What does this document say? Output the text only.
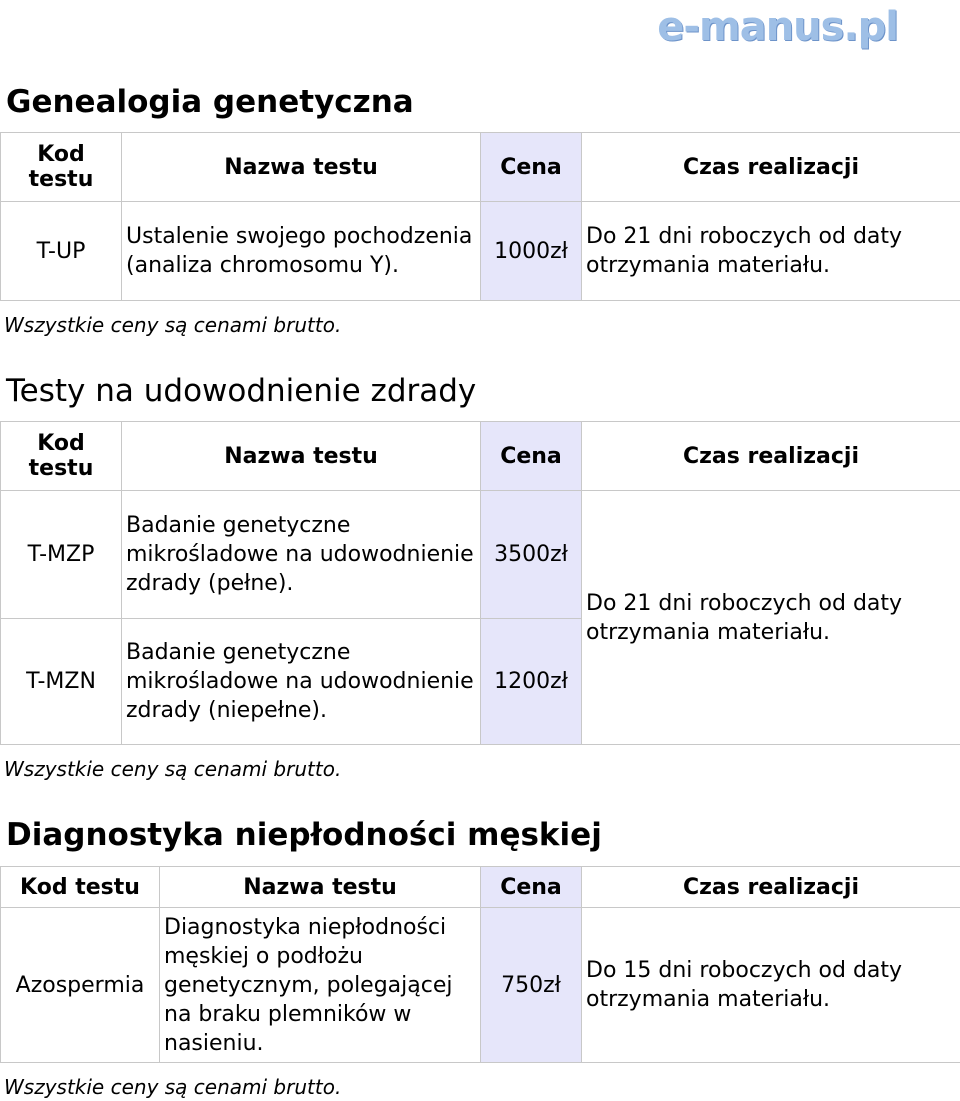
e-manus.pl
Genealogia genetyczna
Kod testu	Nazwa testu	Cena	Czas realizacji
T-UP	Ustalenie swojego pochodzenia (analiza chromosomu Y).	1000zł	Do 21 dni roboczych od daty otrzymania materiału.

Wszystkie ceny są cenami brutto.

Testy na udowodnienie zdrady
Kod testu	Nazwa testu	Cena	Czas realizacji
T-MZP	Badanie genetyczne mikrośladowe na udowodnienie zdrady (pełne).	3500zł	Do 21 dni roboczych od daty otrzymania materiału.
T-MZN	Badanie genetyczne mikrośladowe na udowodnienie zdrady (niepełne).	1200zł	

Wszystkie ceny są cenami brutto.

Diagnostyka niepłodności męskiej
Kod testu	Nazwa testu	Cena	Czas realizacji
Azospermia	Diagnostyka niepłodności męskiej o podłożu genetycznym, polegającej na braku plemników w nasieniu.	750zł	Do 15 dni roboczych od daty otrzymania materiału.

Wszystkie ceny są cenami brutto.
